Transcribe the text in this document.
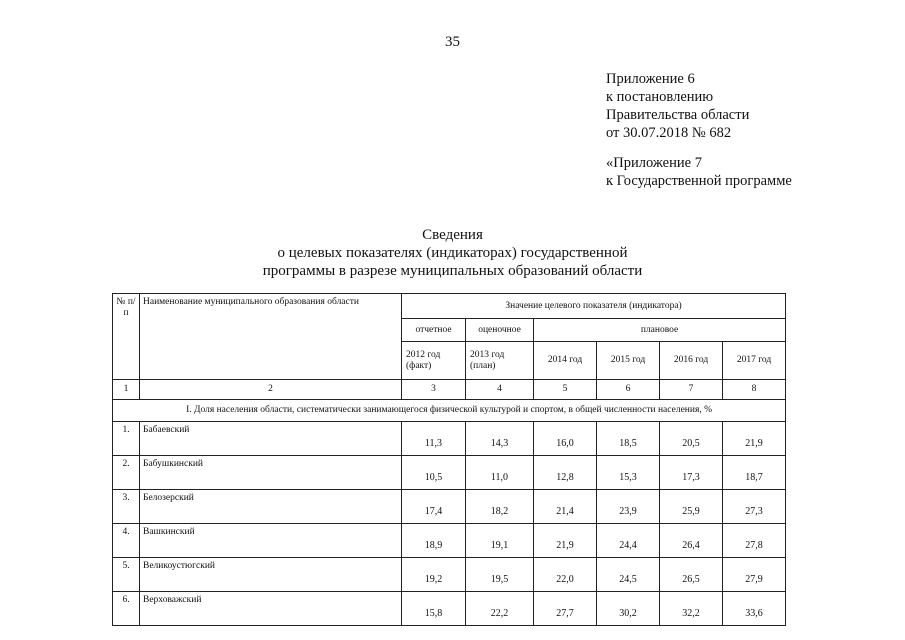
35
Приложение 6
к постановлению
Правительства области
от 30.07.2018 № 682
«Приложение 7
к Государственной программе
Сведения
о целевых показателях (индикаторах) государственной
программы в разрезе муниципальных образований области
№ п/п	Наименование муниципального образования области	Значение целевого показателя (индикатора)					
		отчетное	оценочное	плановое			
		2012 год (факт)	2013 год (план)	2014 год	2015 год	2016 год	2017 год
1	2	3	4	5	6	7	8
I. Доля населения области, систематически занимающегося физической культурой и спортом, в общей численности населения, %							
1.	Бабаевский	11,3	14,3	16,0	18,5	20,5	21,9
2.	Бабушкинский	10,5	11,0	12,8	15,3	17,3	18,7
3.	Белозерский	17,4	18,2	21,4	23,9	25,9	27,3
4.	Вашкинский	18,9	19,1	21,9	24,4	26,4	27,8
5.	Великоустюгский	19,2	19,5	22,0	24,5	26,5	27,9
6.	Верховажский	15,8	22,2	27,7	30,2	32,2	33,6
